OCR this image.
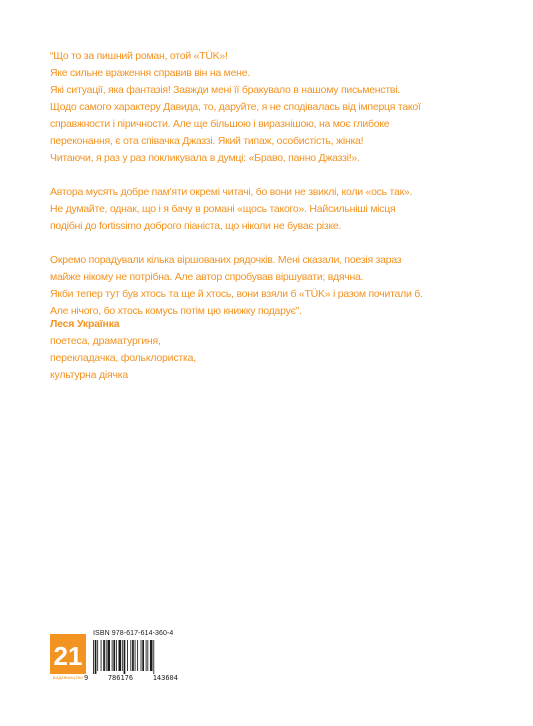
“Що то за пишний роман, отой «TÜK»!
Яке сильне враження справив він на мене.
Які ситуації, яка фантазія! Завжди мені її бракувало в нашому письменстві.
Щодо самого характеру Давида, то, даруйте, я не сподівалась від імперця такої
справжности і піричности. Але ще більшою і виразнішою, на моє глибоке
переконання, є ота співачка Джаззі. Який типаж, особистість, жінка!
Читаючи, я раз у раз покликувала в думці: «Браво, панно Джаззі!».
Автора мусять добре пам'яти окремі читачі, бо вони не звиклі, коли «ось так».
Не думайте, однак, що і я бачу в романі «щось такого». Найсильніші місця
подібні до fortissimo доброго піаніста, що ніколи не буває різке.
Окремо порадували кілька віршованих рядочків. Мені сказали, поезія зараз
майже нікому не потрібна. Але автор спробував віршувати; вдячна.
Якби тепер тут був хтось та ще й хтось, вони взяли б «TÜK» і разом почитали б.
Але нічого, бо хтось комусь потім цю книжку подарує”.
Леся Українка
поетеса, драматургиня,
перекладачка, фольклористка,
культурна діячка
21
ВИДАВНИЦТВО
ISBN 978-617-614-360-4
9	786176	143604
